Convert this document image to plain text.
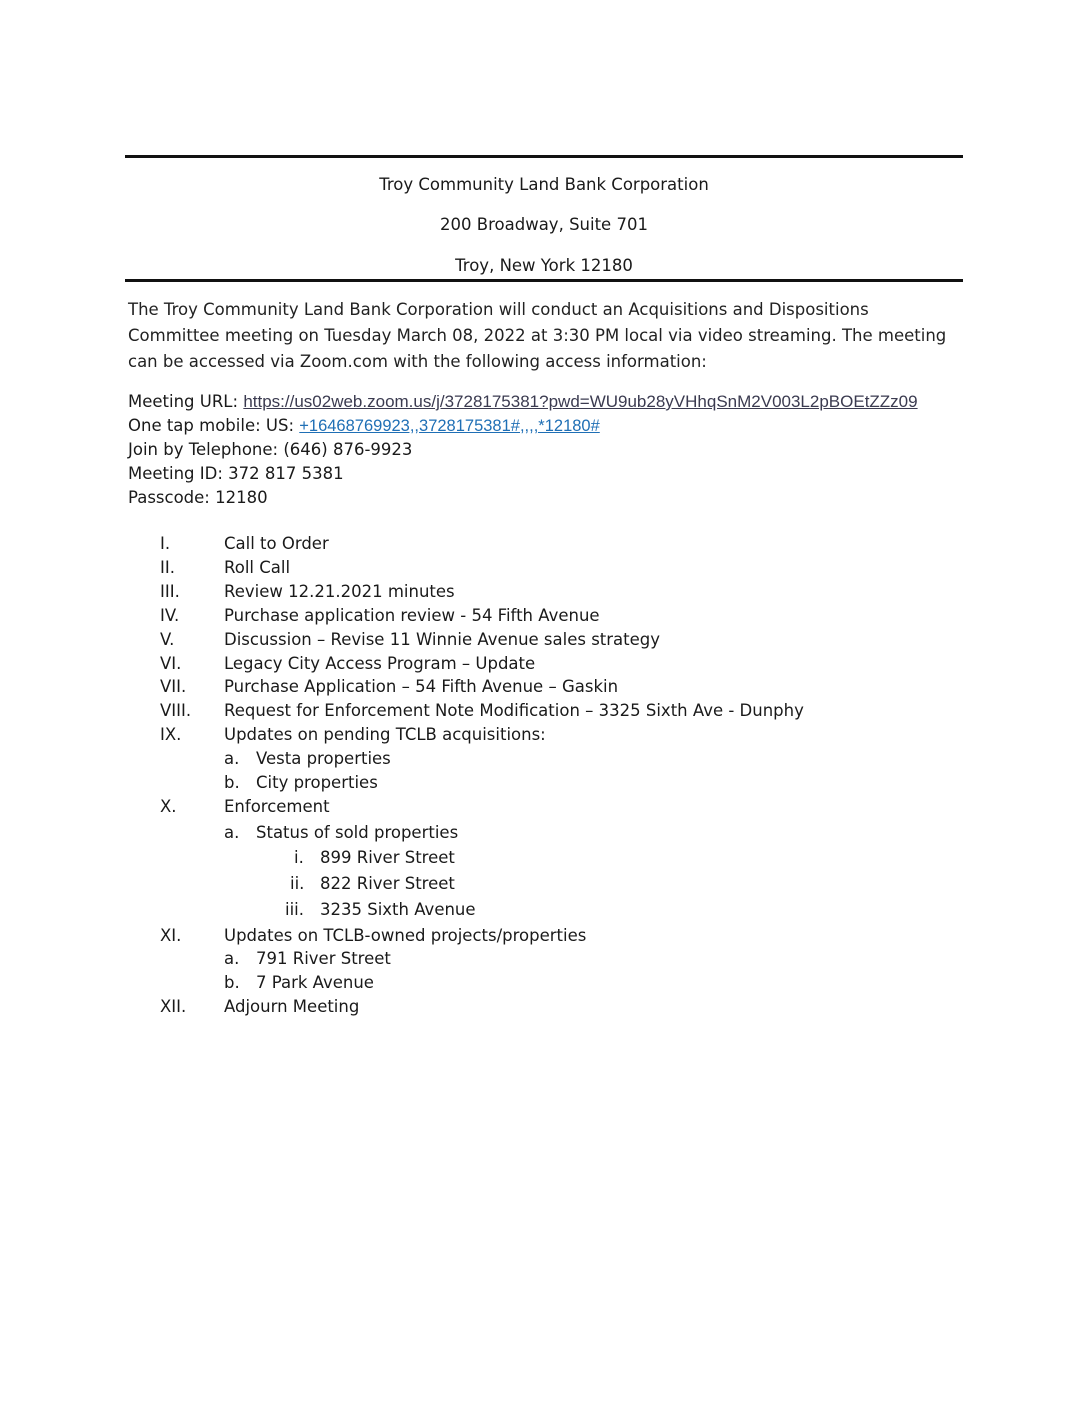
Troy Community Land Bank Corporation
200 Broadway, Suite 701
Troy, New York 12180
The Troy Community Land Bank Corporation will conduct an Acquisitions and Dispositions Committee meeting on Tuesday March 08, 2022 at 3:30 PM local via video streaming. The meeting can be accessed via Zoom.com with the following access information:
Meeting URL: https://us02web.zoom.us/j/3728175381?pwd=WU9ub28yVHhqSnM2V003L2pBOEtZZz09
One tap mobile: US: +16468769923,,3728175381#,,,,*12180#
Join by Telephone: (646) 876-9923
Meeting ID: 372 817 5381
Passcode: 12180
I.	Call to Order
II.	Roll Call
III.	Review 12.21.2021 minutes
IV.	Purchase application review - 54 Fifth Avenue
V.	Discussion – Revise 11 Winnie Avenue sales strategy
VI.	Legacy City Access Program – Update
VII. Purchase Application – 54 Fifth Avenue – Gaskin
VIII. Request for Enforcement Note Modification – 3325 Sixth Ave - Dunphy
IX.	Updates on pending TCLB acquisitions:
a. Vesta properties
b. City properties
X.	Enforcement
a. Status of sold properties
i. 899 River Street
ii. 822 River Street
iii. 3235 Sixth Avenue
XI.	Updates on TCLB-owned projects/properties
a. 791 River Street
b. 7 Park Avenue
XII. Adjourn Meeting
